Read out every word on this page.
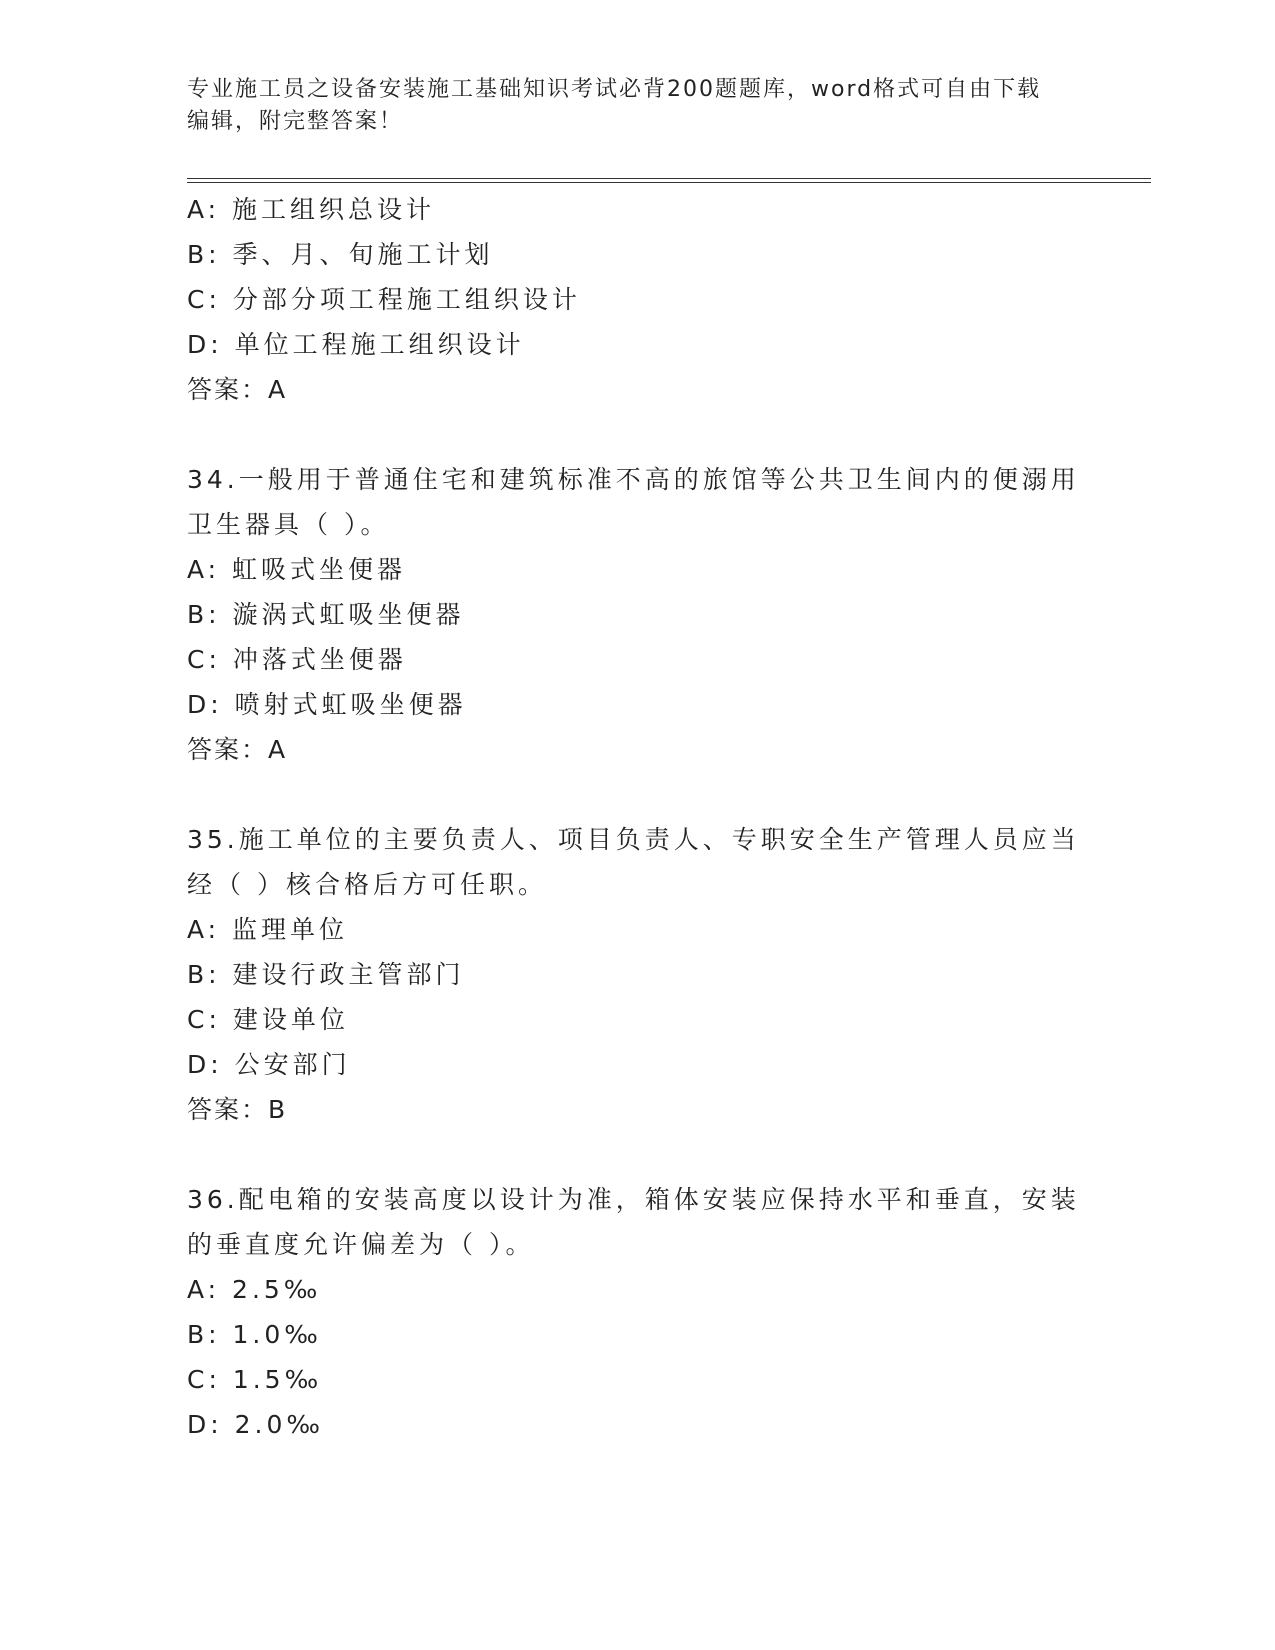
专业施工员之设备安装施工基础知识考试必背200题题库，word格式可自由下载
编辑，附完整答案！
A: 施工组织总设计
B: 季、月、旬施工计划
C: 分部分项工程施工组织设计
D: 单位工程施工组织设计
答案：A
34.一般用于普通住宅和建筑标准不高的旅馆等公共卫生间内的便溺用
卫生器具（ ）。
A: 虹吸式坐便器
B: 漩涡式虹吸坐便器
C: 冲落式坐便器
D: 喷射式虹吸坐便器
答案：A
35.施工单位的主要负责人、项目负责人、专职安全生产管理人员应当
经（ ）核合格后方可任职。
A: 监理单位
B: 建设行政主管部门
C: 建设单位
D: 公安部门
答案：B
36.配电箱的安装高度以设计为准，箱体安装应保持水平和垂直，安装
的垂直度允许偏差为（ ）。
A: 2.5‰
B: 1.0‰
C: 1.5‰
D: 2.0‰
